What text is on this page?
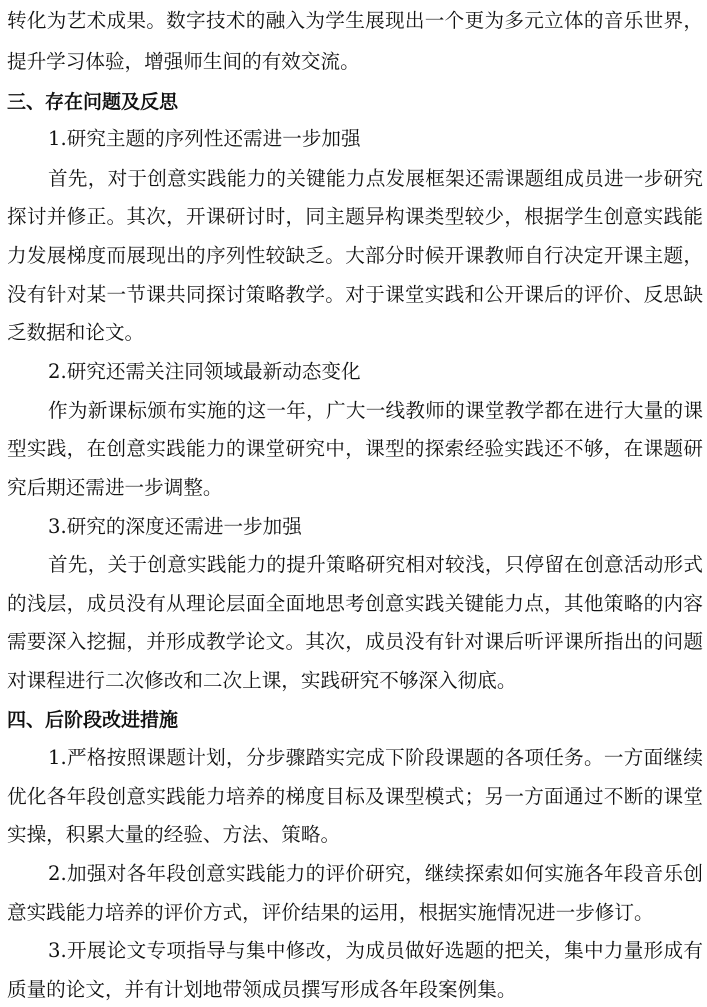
转化为艺术成果。数字技术的融入为学生展现出一个更为多元立体的音乐世界，
提升学习体验，增强师生间的有效交流。
三、存在问题及反思
1.研究主题的序列性还需进一步加强
首先，对于创意实践能力的关键能力点发展框架还需课题组成员进一步研究
探讨并修正。其次，开课研讨时，同主题异构课类型较少，根据学生创意实践能
力发展梯度而展现出的序列性较缺乏。大部分时候开课教师自行决定开课主题，
没有针对某一节课共同探讨策略教学。对于课堂实践和公开课后的评价、反思缺
乏数据和论文。
2.研究还需关注同领域最新动态变化
作为新课标颁布实施的这一年，广大一线教师的课堂教学都在进行大量的课
型实践，在创意实践能力的课堂研究中，课型的探索经验实践还不够，在课题研
究后期还需进一步调整。
3.研究的深度还需进一步加强
首先，关于创意实践能力的提升策略研究相对较浅，只停留在创意活动形式
的浅层，成员没有从理论层面全面地思考创意实践关键能力点，其他策略的内容
需要深入挖掘，并形成教学论文。其次，成员没有针对课后听评课所指出的问题
对课程进行二次修改和二次上课，实践研究不够深入彻底。
四、后阶段改进措施
1.严格按照课题计划，分步骤踏实完成下阶段课题的各项任务。一方面继续
优化各年段创意实践能力培养的梯度目标及课型模式；另一方面通过不断的课堂
实操，积累大量的经验、方法、策略。
2.加强对各年段创意实践能力的评价研究，继续探索如何实施各年段音乐创
意实践能力培养的评价方式，评价结果的运用，根据实施情况进一步修订。
3.开展论文专项指导与集中修改，为成员做好选题的把关，集中力量形成有
质量的论文，并有计划地带领成员撰写形成各年段案例集。
